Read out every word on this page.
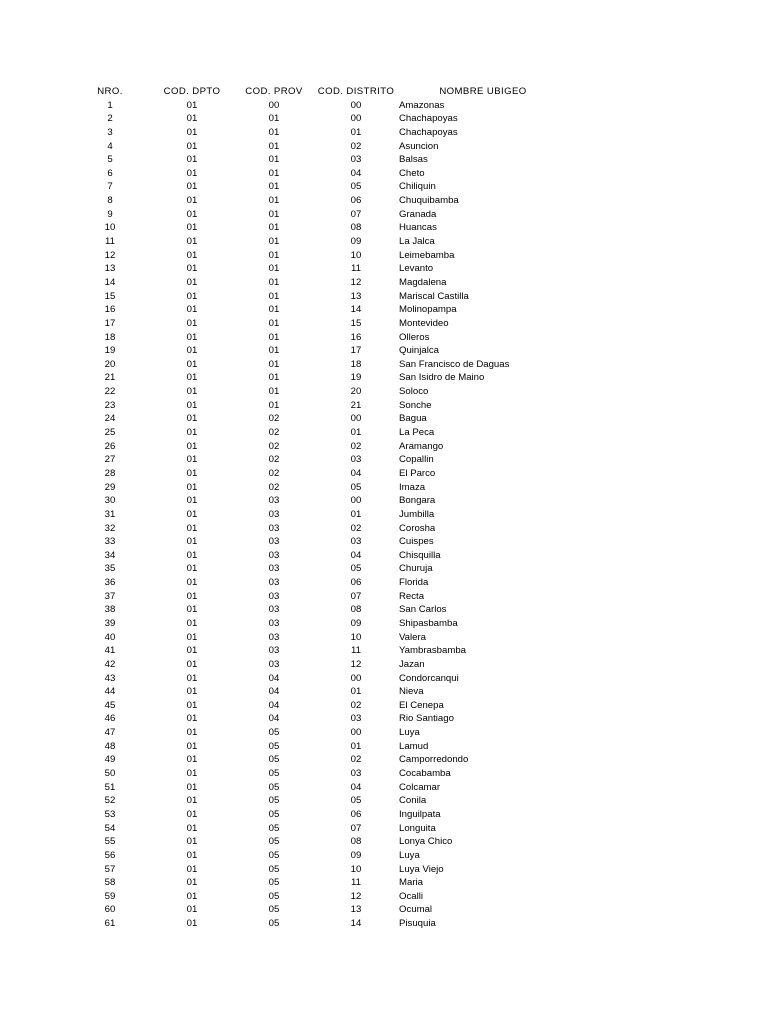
NRO.	COD. DPTO	COD. PROV	COD. DISTRITO	NOMBRE UBIGEO
1	01	00	00	Amazonas
2	01	01	00	Chachapoyas
3	01	01	01	Chachapoyas
4	01	01	02	Asuncion
5	01	01	03	Balsas
6	01	01	04	Cheto
7	01	01	05	Chiliquin
8	01	01	06	Chuquibamba
9	01	01	07	Granada
10	01	01	08	Huancas
11	01	01	09	La Jalca
12	01	01	10	Leimebamba
13	01	01	11	Levanto
14	01	01	12	Magdalena
15	01	01	13	Mariscal Castilla
16	01	01	14	Molinopampa
17	01	01	15	Montevideo
18	01	01	16	Olleros
19	01	01	17	Quinjalca
20	01	01	18	San Francisco de Daguas
21	01	01	19	San Isidro de Maino
22	01	01	20	Soloco
23	01	01	21	Sonche
24	01	02	00	Bagua
25	01	02	01	La Peca
26	01	02	02	Aramango
27	01	02	03	Copallin
28	01	02	04	El Parco
29	01	02	05	Imaza
30	01	03	00	Bongara
31	01	03	01	Jumbilla
32	01	03	02	Corosha
33	01	03	03	Cuispes
34	01	03	04	Chisquilla
35	01	03	05	Churuja
36	01	03	06	Florida
37	01	03	07	Recta
38	01	03	08	San Carlos
39	01	03	09	Shipasbamba
40	01	03	10	Valera
41	01	03	11	Yambrasbamba
42	01	03	12	Jazan
43	01	04	00	Condorcanqui
44	01	04	01	Nieva
45	01	04	02	El Cenepa
46	01	04	03	Rio Santiago
47	01	05	00	Luya
48	01	05	01	Lamud
49	01	05	02	Camporredondo
50	01	05	03	Cocabamba
51	01	05	04	Colcamar
52	01	05	05	Conila
53	01	05	06	Inguilpata
54	01	05	07	Longuita
55	01	05	08	Lonya Chico
56	01	05	09	Luya
57	01	05	10	Luya Viejo
58	01	05	11	Maria
59	01	05	12	Ocalli
60	01	05	13	Ocumal
61	01	05	14	Pisuquia
